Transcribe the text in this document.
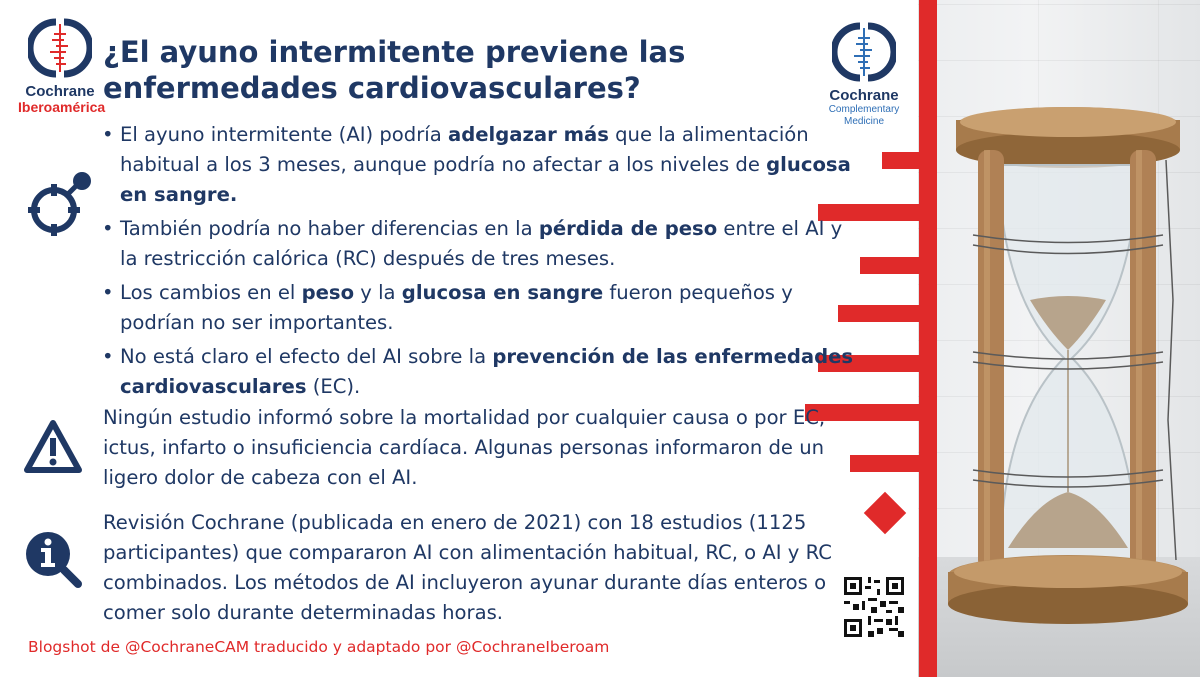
Cochrane
Iberoamérica
Cochrane
Complementary Medicine
¿El ayuno intermitente previene las enfermedades cardiovasculares?
• El ayuno intermitente (AI) podría adelgazar más que la alimentación habitual a los 3 meses, aunque podría no afectar a los niveles de glucosa en sangre.
• También podría no haber diferencias en la pérdida de peso entre el AI y la restricción calórica (RC) después de tres meses.
• Los cambios en el peso y la glucosa en sangre fueron pequeños y podrían no ser importantes.
• No está claro el efecto del AI sobre la prevención de las enfermedades cardiovasculares (EC).

Ningún estudio informó sobre la mortalidad por cualquier causa o por EC, ictus, infarto o insuficiencia cardíaca. Algunas personas informaron de un ligero dolor de cabeza con el AI.

Revisión Cochrane (publicada en enero de 2021) con 18 estudios (1125 participantes) que compararon AI con alimentación habitual, RC, o AI y RC combinados. Los métodos de AI incluyeron ayunar durante días enteros o comer solo durante determinadas horas.

Blogshot de @CochraneCAM traducido y adaptado por @CochraneIberoam
